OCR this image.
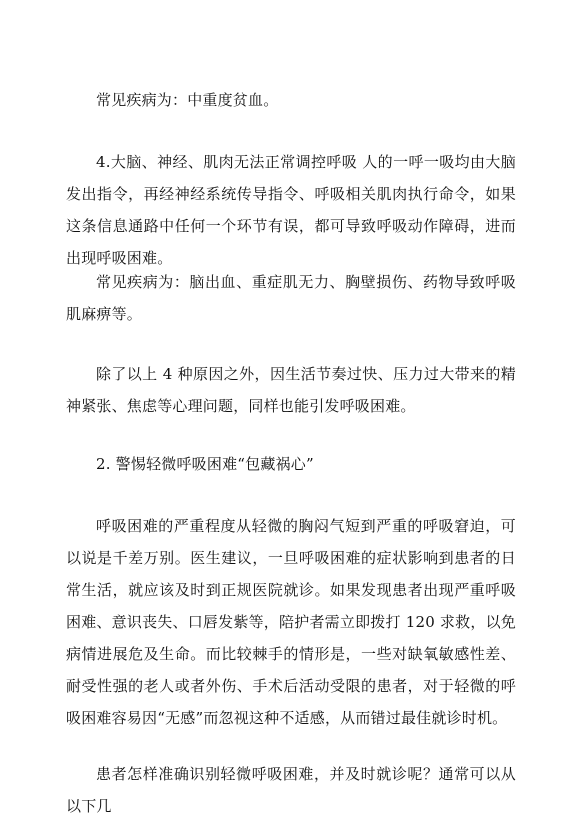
常见疾病为：中重度贫血。

4.大脑、神经、肌肉无法正常调控呼吸 人的一呼一吸均由大脑发出指令，再经神经系统传导指令、呼吸相关肌肉执行命令，如果这条信息通路中任何一个环节有误，都可导致呼吸动作障碍，进而出现呼吸困难。

常见疾病为：脑出血、重症肌无力、胸壁损伤、药物导致呼吸肌麻痹等。

除了以上 4 种原因之外，因生活节奏过快、压力过大带来的精神紧张、焦虑等心理问题，同样也能引发呼吸困难。

2. 警惕轻微呼吸困难“包藏祸心”

呼吸困难的严重程度从轻微的胸闷气短到严重的呼吸窘迫，可以说是千差万别。医生建议，一旦呼吸困难的症状影响到患者的日常生活，就应该及时到正规医院就诊。如果发现患者出现严重呼吸困难、意识丧失、口唇发紫等，陪护者需立即拨打 120 求救，以免病情进展危及生命。而比较棘手的情形是，一些对缺氧敏感性差、耐受性强的老人或者外伤、手术后活动受限的患者，对于轻微的呼吸困难容易因“无感”而忽视这种不适感，从而错过最佳就诊时机。

患者怎样准确识别轻微呼吸困难，并及时就诊呢？通常可以从以下几
